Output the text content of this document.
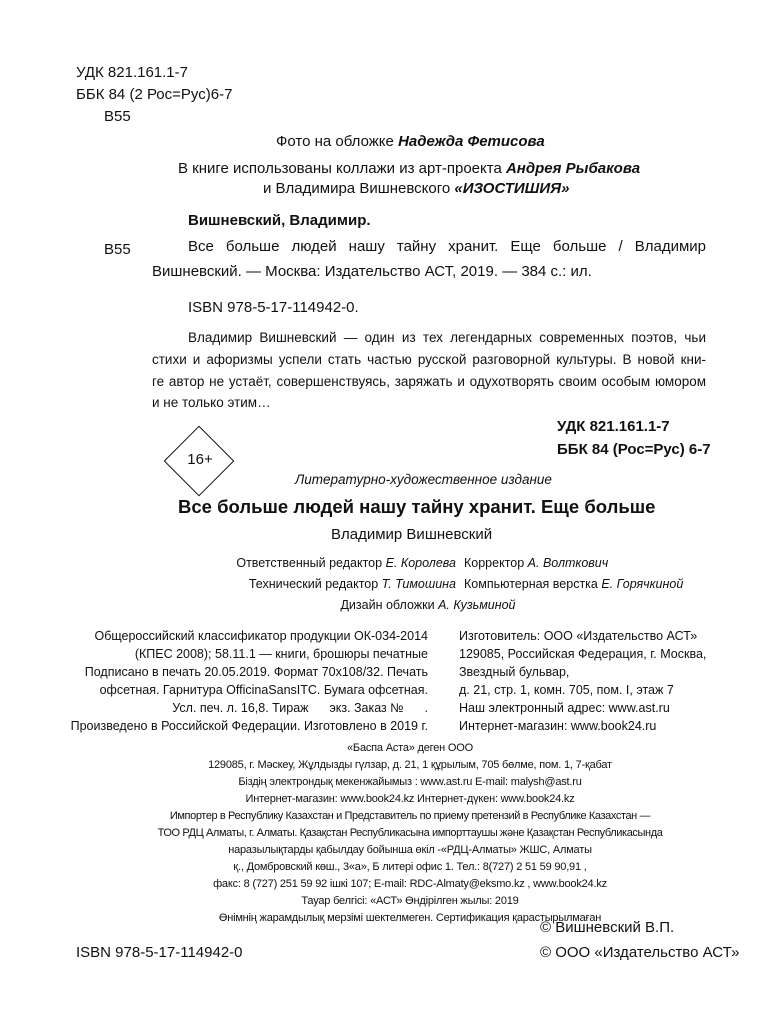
УДК 821.161.1-7
ББК 84 (2 Рос=Рус)6-7
В55
Фото на обложке Надежда Фетисова
В книге использованы коллажи из арт-проекта Андрея Рыбакова
и Владимира Вишневского «ИЗОСТИШИЯ»
Вишневский, Владимир.
В55	Все больше людей нашу тайну хранит. Еще больше / Владимир
Вишневский. — Москва: Издательство АСТ, 2019. — 384 с.: ил.
ISBN 978-5-17-114942-0.
Владимир Вишневский — один из тех легендарных современных поэтов, чьи
стихи и афоризмы успели стать частью русской разговорной культуры. В новой кни-
ге автор не устаёт, совершенствуясь, заряжать и одухотворять своим особым юмором
и не только этим…
УДК 821.161.1-7
ББК 84 (Рос=Рус) 6-7
16+
Литературно-художественное издание
Все больше людей нашу тайну хранит. Еще больше
Владимир Вишневский
Ответственный редактор Е. Королева Корректор А. Волткович
Технический редактор Т. Тимошина Компьютерная верстка Е. Горячкиной
Дизайн обложки А. Кузьминой
Общероссийский классификатор продукции ОК-034-2014
(КПЕС 2008); 58.11.1 — книги, брошюры печатные
Подписано в печать 20.05.2019. Формат 70x108/32. Печать
офсетная. Гарнитура OfficinaSansITC. Бумага офсетная.
Усл. печ. л. 16,8. Тираж      экз. Заказ №      .
Произведено в Российской Федерации. Изготовлено в 2019 г.
Изготовитель: ООО «Издательство АСТ»
129085, Российская Федерация, г. Москва,
Звездный бульвар,
д. 21, стр. 1, комн. 705, пом. I, этаж 7
Наш электронный адрес: www.ast.ru
Интернет-магазин: www.book24.ru
«Баспа Аста» деген ООО
129085, г. Мәскеу, Жұлдызды гүлзар, д. 21, 1 құрылым, 705 бөлме, пом. 1, 7-қабат
Біздің электрондық мекенжайымыз : www.ast.ru E-mail: malysh@ast.ru
Интернет-магазин: www.book24.kz Интернет-дүкен: www.book24.kz
Импортер в Республику Казахстан и Представитель по приему претензий в Республике Казахстан —
ТОО РДЦ Алматы, г. Алматы. Қазақстан Республикасына импорттаушы және Қазақстан Республикасында
наразылықтарды қабылдау бойынша өкіл -«РДЦ-Алматы» ЖШС, Алматы
қ., Домбровский көш., 3«а», Б литері офис 1. Тел.: 8(727) 2 51 59 90,91 ,
факс: 8 (727) 251 59 92 ішкі 107; E-mail: RDC-Almaty@eksmo.kz , www.book24.kz
Тауар белгісі: «АСТ» Өндірілген жылы: 2019
Өнімнің жарамдылық мерзімі шектелмеген. Сертификация қарастырылмаған
© Вишневский В.П.
ISBN 978-5-17-114942-0	© ООО «Издательство АСТ»
